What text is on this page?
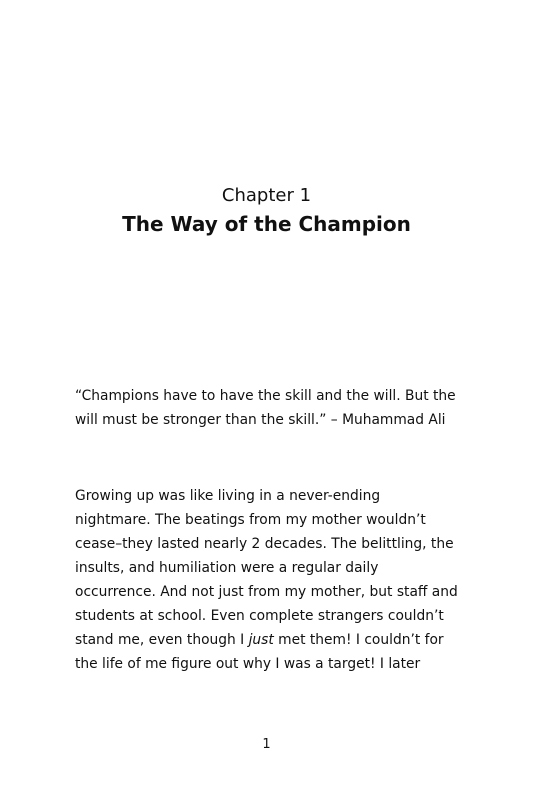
Chapter 1
The Way of the Champion

“Champions have to have the skill and the will. But the
will must be stronger than the skill.” – Muhammad Ali

Growing up was like living in a never-ending
nightmare. The beatings from my mother wouldn’t
cease–they lasted nearly 2 decades. The belittling, the
insults, and humiliation were a regular daily
occurrence. And not just from my mother, but staff and
students at school. Even complete strangers couldn’t
stand me, even though I just met them! I couldn’t for
the life of me figure out why I was a target! I later

1
